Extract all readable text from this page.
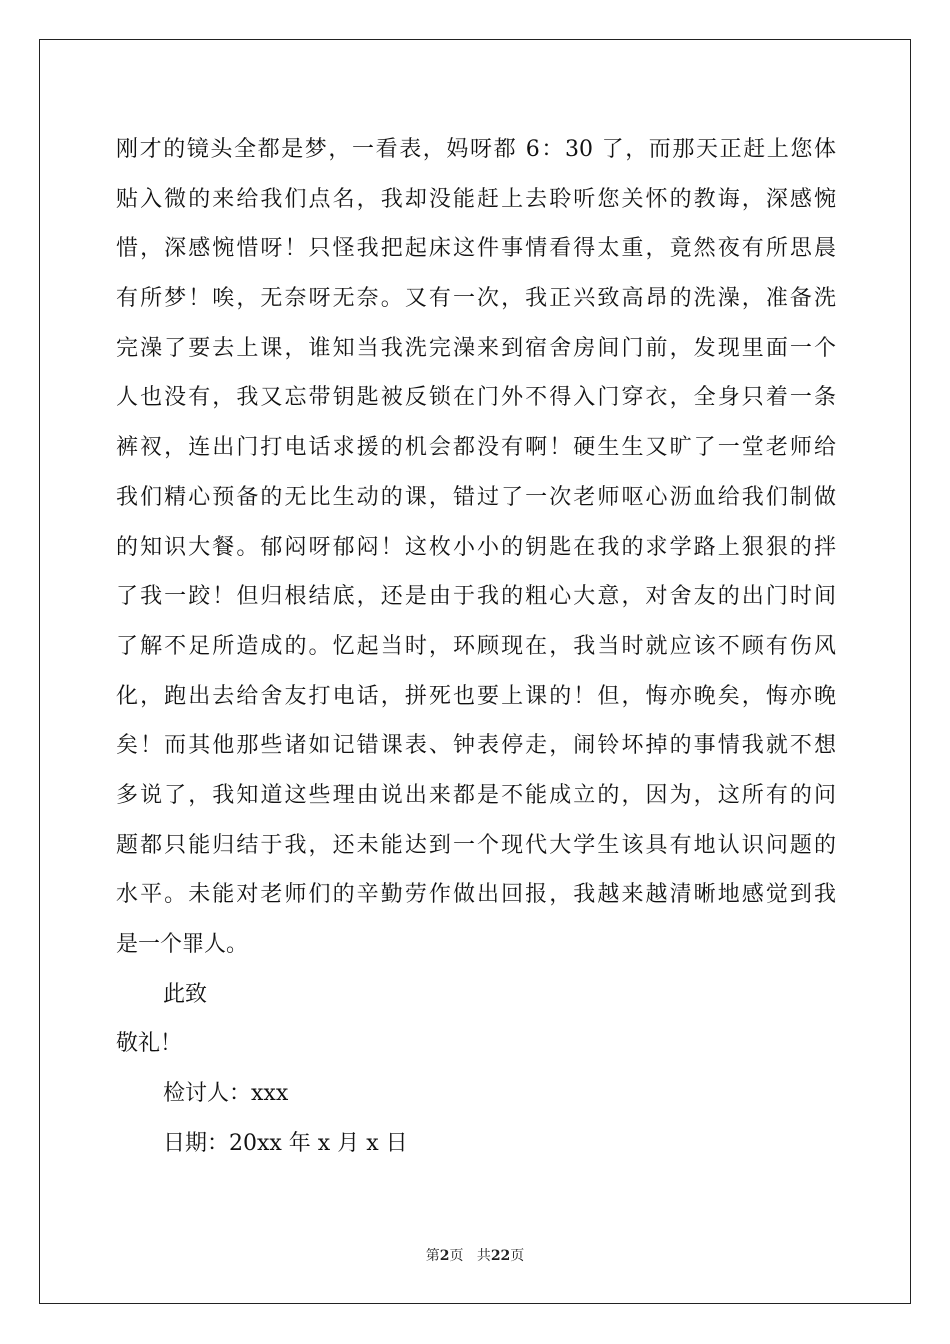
刚才的镜头全都是梦，一看表，妈呀都 6：30 了，而那天正赶上您体
贴入微的来给我们点名，我却没能赶上去聆听您关怀的教诲，深感惋
惜，深感惋惜呀！只怪我把起床这件事情看得太重，竟然夜有所思晨
有所梦！唉，无奈呀无奈。又有一次，我正兴致高昂的洗澡，准备洗
完澡了要去上课，谁知当我洗完澡来到宿舍房间门前，发现里面一个
人也没有，我又忘带钥匙被反锁在门外不得入门穿衣，全身只着一条
裤衩，连出门打电话求援的机会都没有啊！硬生生又旷了一堂老师给
我们精心预备的无比生动的课，错过了一次老师呕心沥血给我们制做
的知识大餐。郁闷呀郁闷！这枚小小的钥匙在我的求学路上狠狠的拌
了我一跤！但归根结底，还是由于我的粗心大意，对舍友的出门时间
了解不足所造成的。忆起当时，环顾现在，我当时就应该不顾有伤风
化，跑出去给舍友打电话，拼死也要上课的！但，悔亦晚矣，悔亦晚
矣！而其他那些诸如记错课表、钟表停走，闹铃坏掉的事情我就不想
多说了，我知道这些理由说出来都是不能成立的，因为，这所有的问
题都只能归结于我，还未能达到一个现代大学生该具有地认识问题的
水平。未能对老师们的辛勤劳作做出回报，我越来越清晰地感觉到我
是一个罪人。
此致
敬礼！
检讨人：xxx
日期：20xx 年 x 月 x 日
第2页 共22页
